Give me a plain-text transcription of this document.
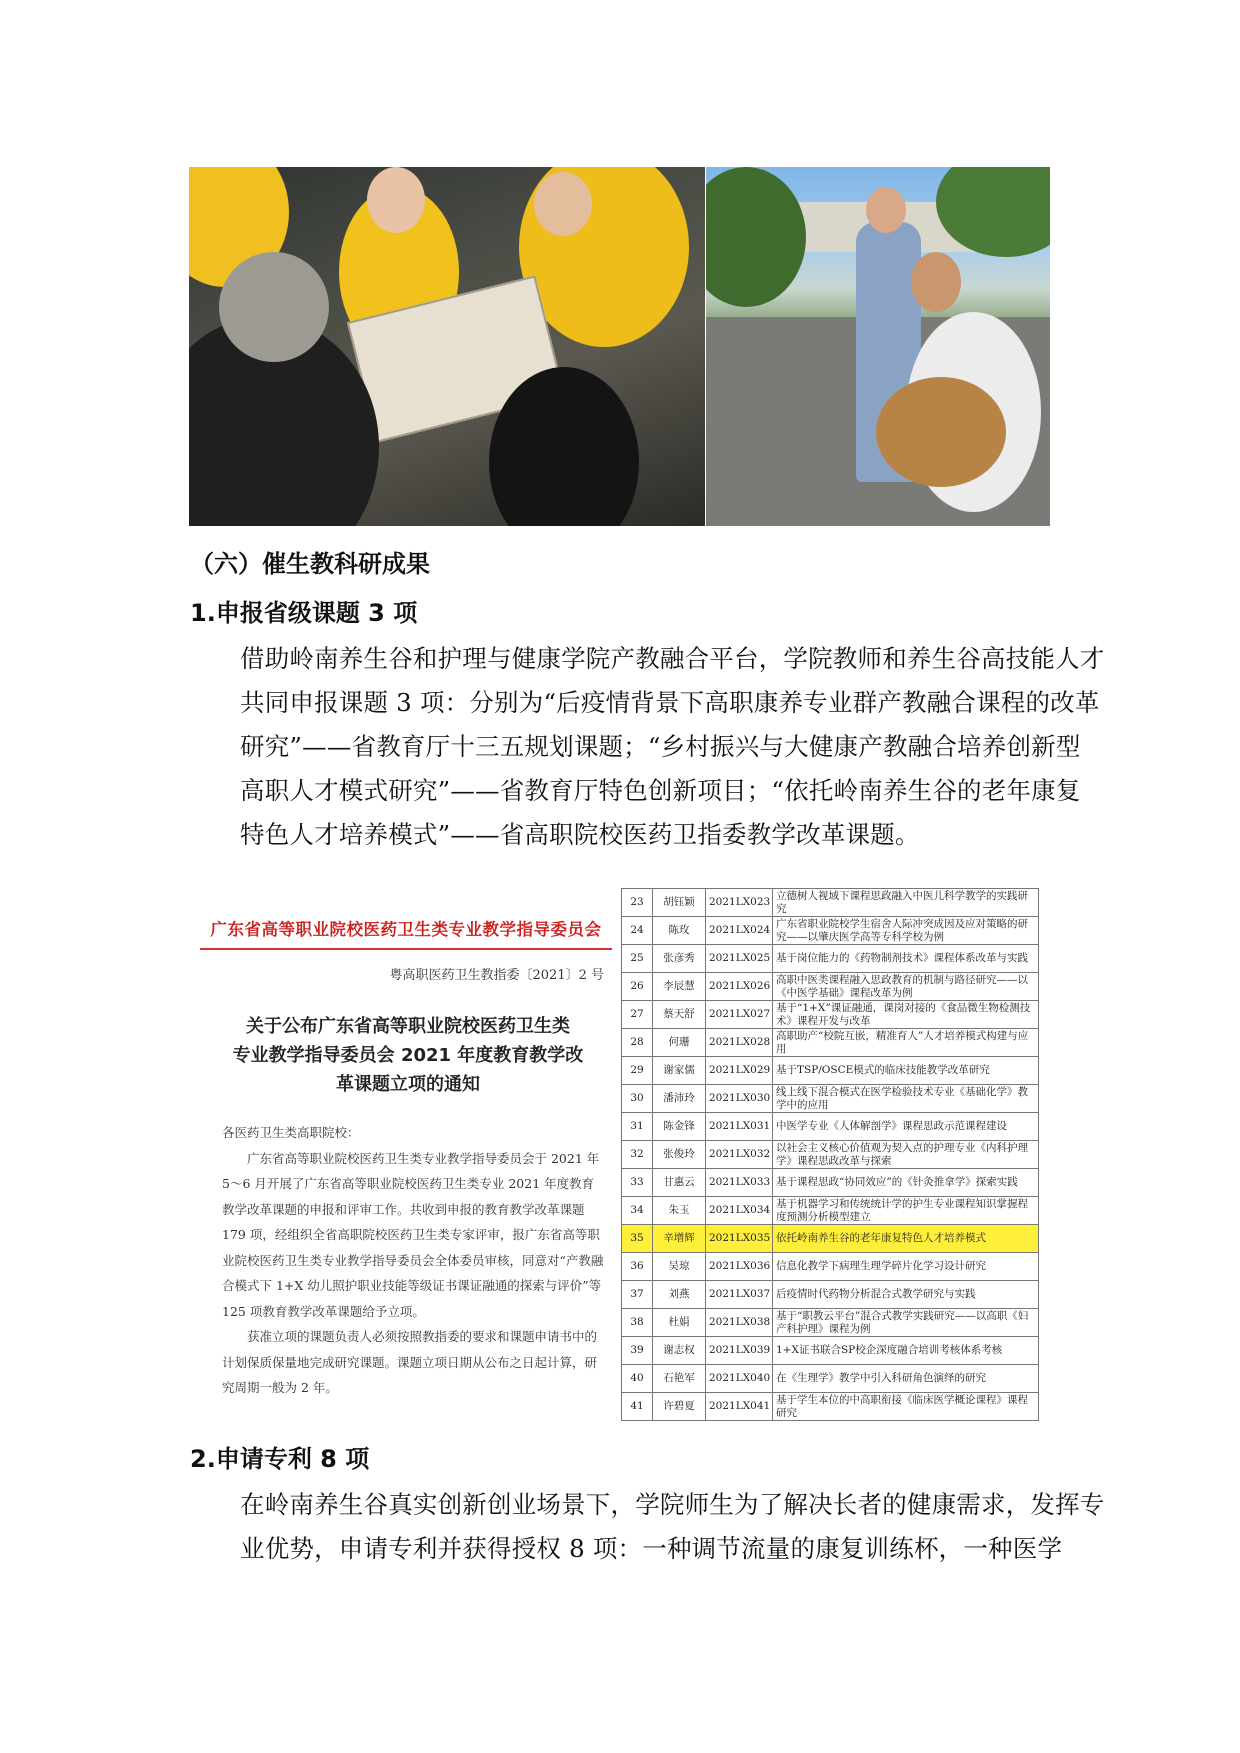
（六）催生教科研成果
1.申报省级课题 3 项

借助岭南养生谷和护理与健康学院产教融合平台，学院教师和养生谷高技能人才共同申报课题 3 项：分别为“后疫情背景下高职康养专业群产教融合课程的改革研究”——省教育厅十三五规划课题；“乡村振兴与大健康产教融合培养创新型高职人才模式研究”——省教育厅特色创新项目；“依托岭南养生谷的老年康复特色人才培养模式”——省高职院校医药卫指委教学改革课题。

广东省高等职业院校医药卫生类专业教学指导委员会
粤高职医药卫生教指委〔2021〕2 号
关于公布广东省高等职业院校医药卫生类
专业教学指导委员会 2021 年度教育教学改
革课题立项的通知

各医药卫生类高职院校：

广东省高等职业院校医药卫生类专业教学指导委员会于 2021 年 5～6 月开展了广东省高等职业院校医药卫生类专业 2021 年度教育教学改革课题的申报和评审工作。共收到申报的教育教学改革课题 179 项，经组织全省高职院校医药卫生类专家评审，报广东省高等职业院校医药卫生类专业教学指导委员会全体委员审核，同意对“产教融合模式下 1+X 幼儿照护职业技能等级证书课证融通的探索与评价”等 125 项教育教学改革课题给予立项。

获准立项的课题负责人必须按照教指委的要求和课题申请书中的计划保质保量地完成研究课题。课题立项日期从公布之日起计算，研究周期一般为 2 年。

23	胡钰颖	2021LX023	立德树人视域下课程思政融入中医儿科学教学的实践研究
24	陈玫	2021LX024	广东省职业院校学生宿舍人际冲突成因及应对策略的研究——以肇庆医学高等专科学校为例
25	张彦秀	2021LX025	基于岗位能力的《药物制剂技术》课程体系改革与实践
26	李辰慧	2021LX026	高职中医类课程融入思政教育的机制与路径研究——以《中医学基础》课程改革为例
27	蔡天舒	2021LX027	基于“1+X”课证融通，课岗对接的《食品微生物检测技术》课程开发与改革
28	何珊	2021LX028	高职助产“校院互嵌，精准育人”人才培养模式构建与应用
29	谢家儒	2021LX029	基于TSP/OSCE模式的临床技能教学改革研究
30	潘沛玲	2021LX030	线上线下混合模式在医学检验技术专业《基础化学》教学中的应用
31	陈金锋	2021LX031	中医学专业《人体解剖学》课程思政示范课程建设
32	张俊玲	2021LX032	以社会主义核心价值观为契入点的护理专业《内科护理学》课程思政改革与探索
33	甘惠云	2021LX033	基于课程思政“协同效应”的《针灸推拿学》探索实践
34	朱玉	2021LX034	基于机器学习和传统统计学的护生专业课程知识掌握程度预测分析模型建立
35	辛增辉	2021LX035	依托岭南养生谷的老年康复特色人才培养模式
36	吴琼	2021LX036	信息化教学下病理生理学碎片化学习设计研究
37	刘燕	2021LX037	后疫情时代药物分析混合式教学研究与实践
38	杜娟	2021LX038	基于“职教云平台”混合式教学实践研究——以高职《妇产科护理》课程为例
39	谢志权	2021LX039	1+X证书联合SP校企深度融合培训考核体系考核
40	石艳军	2021LX040	在《生理学》教学中引入科研角色演绎的研究
41	许碧夏	2021LX041	基于学生本位的中高职衔接《临床医学概论课程》课程研究
2.申请专利 8 项

在岭南养生谷真实创新创业场景下，学院师生为了解决长者的健康需求，发挥专业优势，申请专利并获得授权 8 项：一种调节流量的康复训练杯，一种医学
